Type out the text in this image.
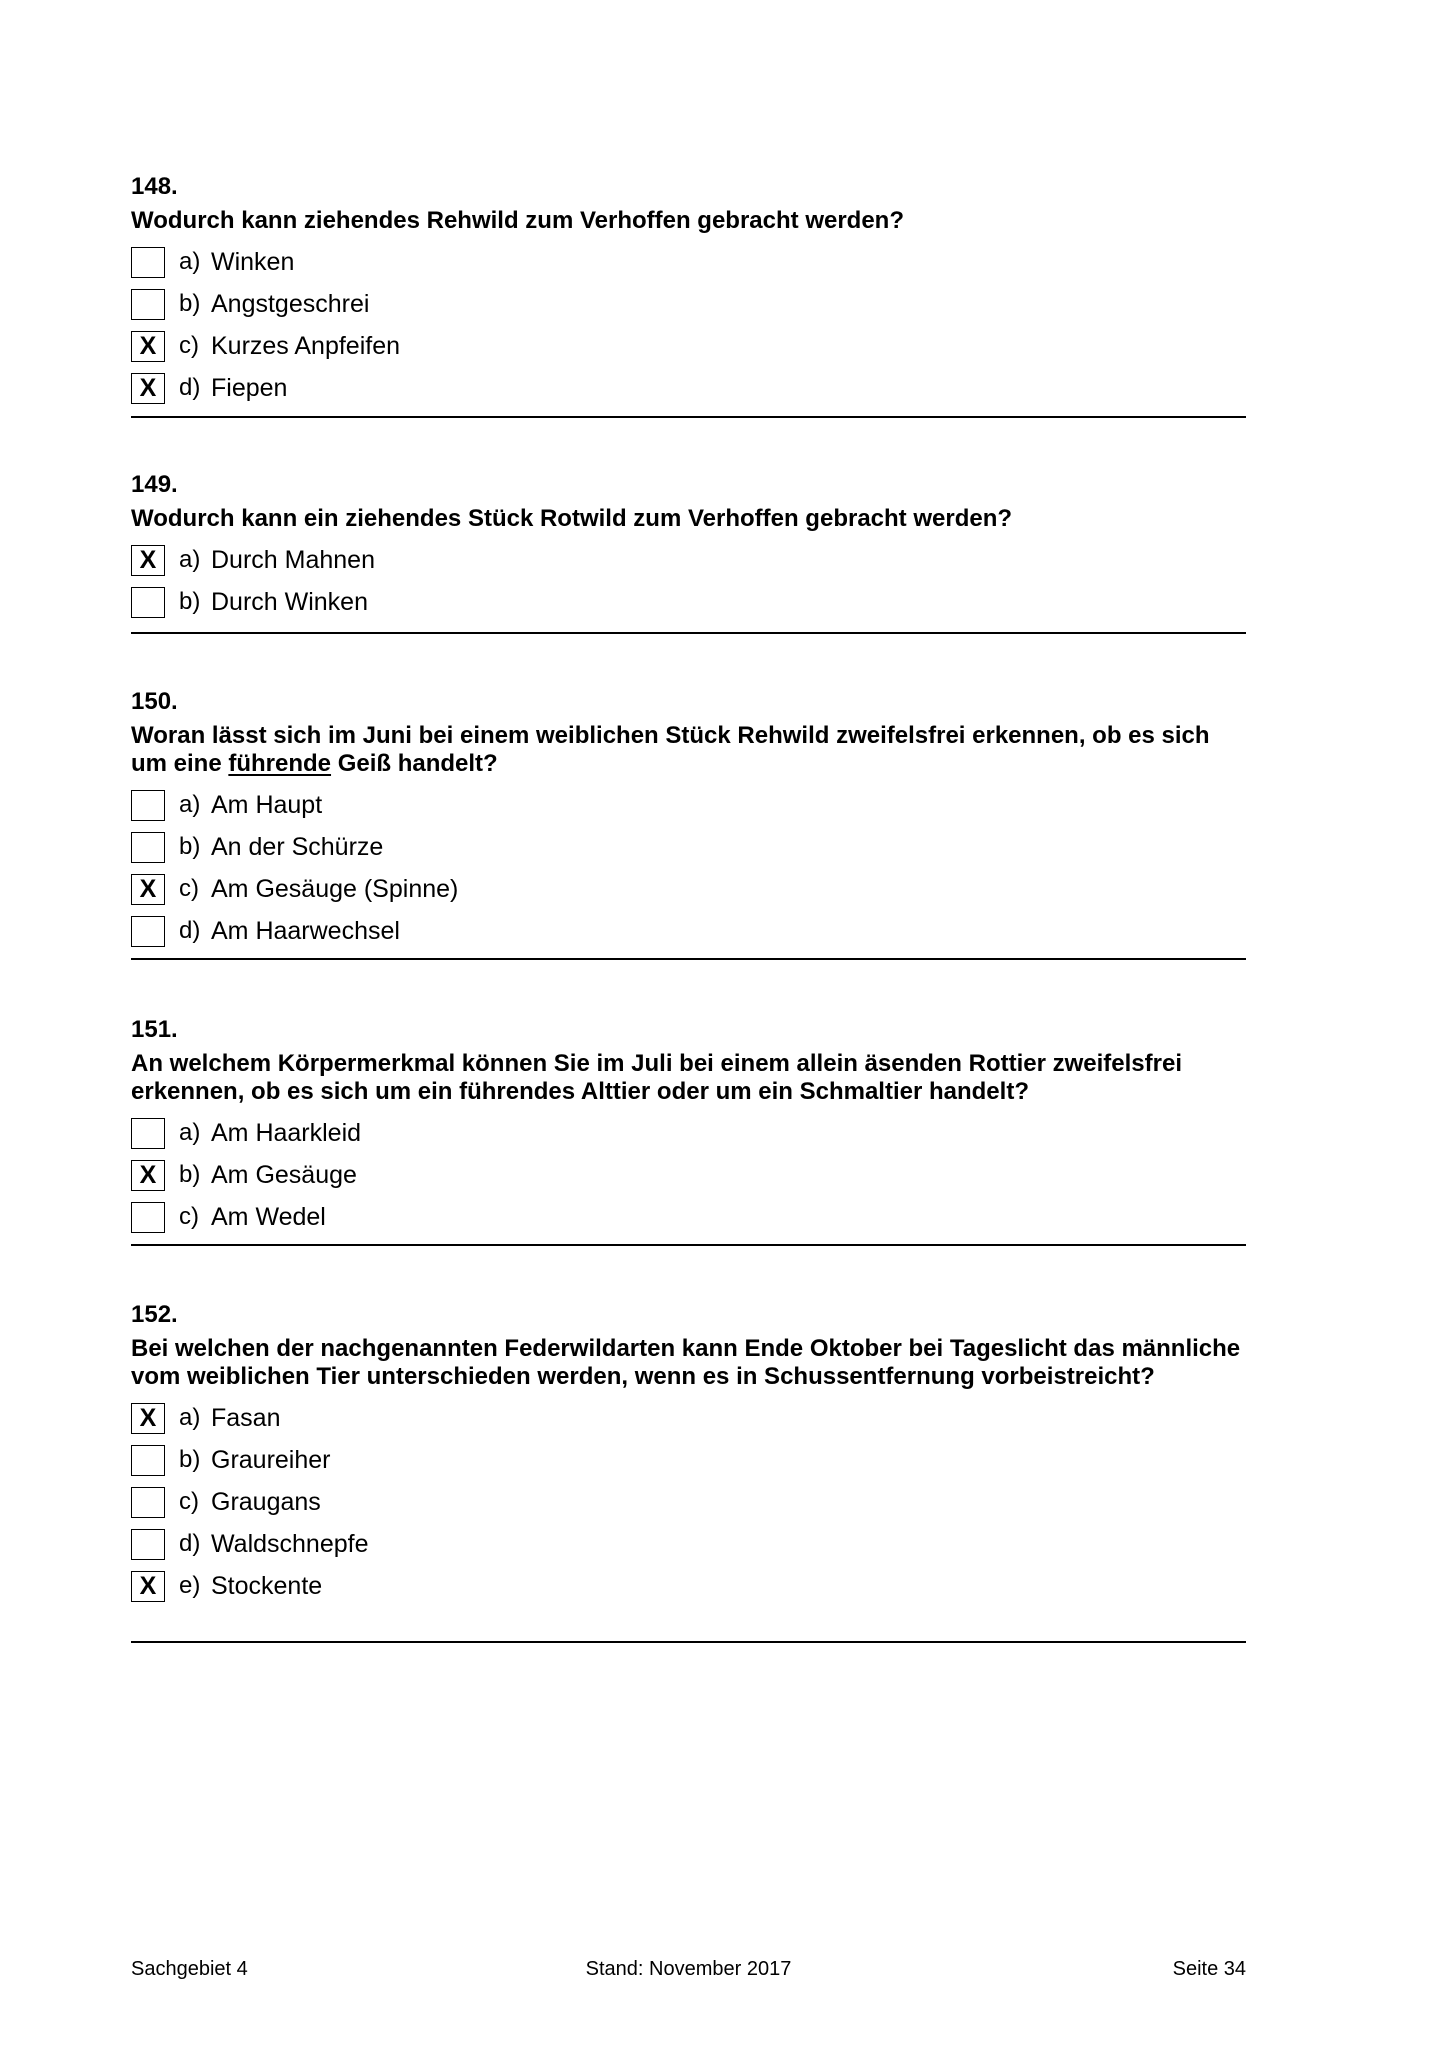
148.
Wodurch kann ziehendes Rehwild zum Verhoffen gebracht werden?
a) Winken
b) Angstgeschrei
X c) Kurzes Anpfeifen
X d) Fiepen
149.
Wodurch kann ein ziehendes Stück Rotwild zum Verhoffen gebracht werden?
X a) Durch Mahnen
b) Durch Winken
150.
Woran lässt sich im Juni bei einem weiblichen Stück Rehwild zweifelsfrei erkennen, ob es sich um eine führende Geiß handelt?
a) Am Haupt
b) An der Schürze
X c) Am Gesäuge (Spinne)
d) Am Haarwechsel
151.
An welchem Körpermerkmal können Sie im Juli bei einem allein äsenden Rottier zweifelsfrei erkennen, ob es sich um ein führendes Alttier oder um ein Schmaltier handelt?
a) Am Haarkleid
X b) Am Gesäuge
c) Am Wedel
152.
Bei welchen der nachgenannten Federwildarten kann Ende Oktober bei Tageslicht das männliche vom weiblichen Tier unterschieden werden, wenn es in Schussentfernung vorbeistreicht?
X a) Fasan
b) Graureiher
c) Graugans
d) Waldschnepfe
X e) Stockente
Sachgebiet 4	Stand: November 2017	Seite 34
